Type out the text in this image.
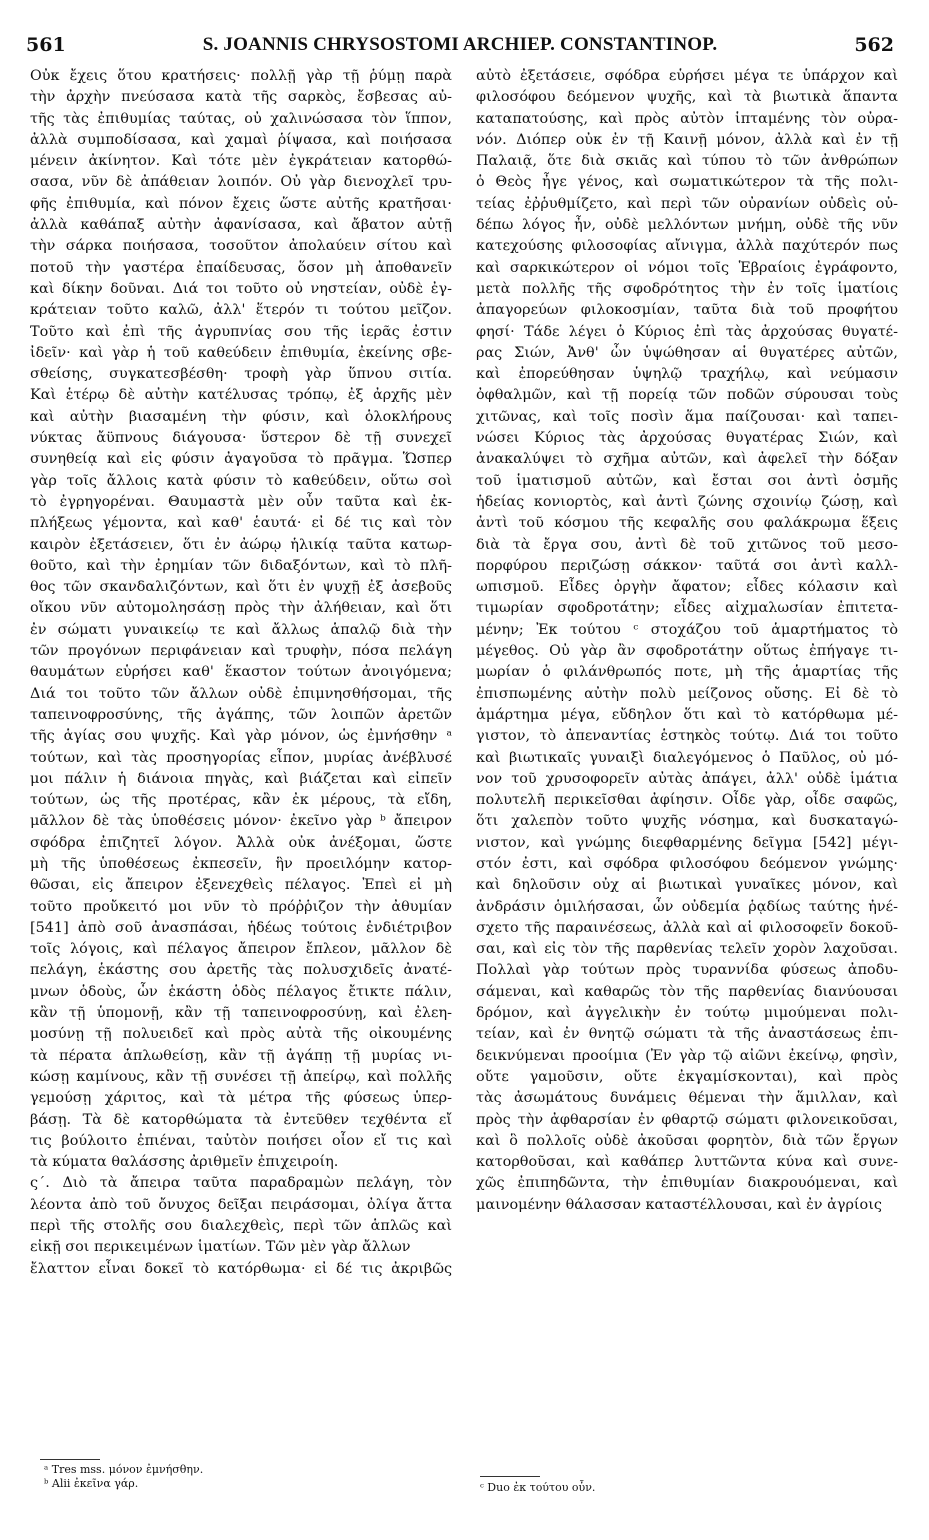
561	S. JOANNIS CHRYSOSTOMI ARCHIEP. CONSTANTINOP.	562
Οὐκ ἔχεις ὅτου κρατήσεις· πολλῇ γὰρ τῇ ῥύμῃ παρὰ
τὴν ἀρχὴν πνεύσασα κατὰ τῆς σαρκὸς, ἔσβεσας αὐ-
τῆς τὰς ἐπιθυμίας ταύτας, οὐ χαλινώσασα τὸν ἵππον,
ἀλλὰ συμποδίσασα, καὶ χαμαὶ ῥίψασα, καὶ ποιήσασα
μένειν ἀκίνητον. Καὶ τότε μὲν ἐγκράτειαν κατορθώ-
σασα, νῦν δὲ ἀπάθειαν λοιπόν. Οὐ γὰρ διενοχλεῖ τρυ-
φῆς ἐπιθυμία, καὶ πόνον ἔχεις ὥστε αὐτῆς κρατῆσαι·
ἀλλὰ καθάπαξ αὐτὴν ἀφανίσασα, καὶ ἄβατον αὐτῇ
τὴν σάρκα ποιήσασα, τοσοῦτον ἀπολαύειν σίτου καὶ
ποτοῦ τὴν γαστέρα ἐπαίδευσας, ὅσον μὴ ἀποθανεῖν
καὶ δίκην δοῦναι. Διά τοι τοῦτο οὐ νηστείαν, οὐδὲ ἐγ-
κράτειαν τοῦτο καλῶ, ἀλλ' ἕτερόν τι τούτου μεῖζον.
Τοῦτο καὶ ἐπὶ τῆς ἀγρυπνίας σου τῆς ἱερᾶς ἐστιν
ἰδεῖν· καὶ γὰρ ἡ τοῦ καθεύδειν ἐπιθυμία, ἐκείνης σβε-
σθείσης, συγκατεσβέσθη· τροφὴ γὰρ ὕπνου σιτία.
Καὶ ἑτέρῳ δὲ αὐτὴν κατέλυσας τρόπῳ, ἐξ ἀρχῆς μὲν
καὶ αὐτὴν βιασαμένη τὴν φύσιν, καὶ ὁλοκλήρους
νύκτας ἄϋπνους διάγουσα· ὕστερον δὲ τῇ συνεχεῖ
συνηθείᾳ καὶ εἰς φύσιν ἀγαγοῦσα τὸ πρᾶγμα. Ὥσπερ
γὰρ τοῖς ἄλλοις κατὰ φύσιν τὸ καθεύδειν, οὕτω σοὶ
τὸ ἐγρηγορέναι. Θαυμαστὰ μὲν οὖν ταῦτα καὶ ἐκ-
πλήξεως γέμοντα, καὶ καθ' ἑαυτά· εἰ δέ τις καὶ τὸν
καιρὸν ἐξετάσειεν, ὅτι ἐν ἀώρῳ ἡλικίᾳ ταῦτα κατωρ-
θοῦτο, καὶ τὴν ἐρημίαν τῶν διδαξόντων, καὶ τὸ πλῆ-
θος τῶν σκανδαλιζόντων, καὶ ὅτι ἐν ψυχῇ ἐξ ἀσεβοῦς
οἴκου νῦν αὐτομολησάσῃ πρὸς τὴν ἀλήθειαν, καὶ ὅτι
ἐν σώματι γυναικείῳ τε καὶ ἄλλως ἁπαλῷ διὰ τὴν
τῶν προγόνων περιφάνειαν καὶ τρυφὴν, πόσα πελάγη
θαυμάτων εὑρήσει καθ' ἕκαστον τούτων ἀνοιγόμενα;
Διά τοι τοῦτο τῶν ἄλλων οὐδὲ ἐπιμνησθήσομαι, τῆς
ταπεινοφροσύνης, τῆς ἀγάπης, τῶν λοιπῶν ἀρετῶν
τῆς ἁγίας σου ψυχῆς. Καὶ γὰρ μόνον, ὡς ἐμνήσθην ᵃ
τούτων, καὶ τὰς προσηγορίας εἶπον, μυρίας ἀνέβλυσέ
μοι πάλιν ἡ διάνοια πηγὰς, καὶ βιάζεται καὶ εἰπεῖν
τούτων, ὡς τῆς προτέρας, κἂν ἐκ μέρους, τὰ εἴδη,
μᾶλλον δὲ τὰς ὑποθέσεις μόνον· ἐκεῖνο γὰρ ᵇ ἄπειρον
σφόδρα ἐπιζητεῖ λόγον. Ἀλλὰ οὐκ ἀνέξομαι, ὥστε
μὴ τῆς ὑποθέσεως ἐκπεσεῖν, ἣν προειλόμην κατορ-
θῶσαι, εἰς ἄπειρον ἐξενεχθεὶς πέλαγος. Ἐπεὶ εἰ μὴ
τοῦτο προὔκειτό μοι νῦν τὸ πρόῤῥιζον τὴν ἀθυμίαν
[541] ἀπὸ σοῦ ἀνασπάσαι, ἡδέως τούτοις ἐνδιέτριβον
τοῖς λόγοις, καὶ πέλαγος ἄπειρον ἔπλεον, μᾶλλον δὲ
πελάγη, ἑκάστης σου ἀρετῆς τὰς πολυσχιδεῖς ἀνατέ-
μνων ὁδοὺς, ὧν ἑκάστη ὁδὸς πέλαγος ἔτικτε πάλιν,
κἂν τῇ ὑπομονῇ, κἂν τῇ ταπεινοφροσύνῃ, καὶ ἐλεη-
μοσύνῃ τῇ πολυειδεῖ καὶ πρὸς αὐτὰ τῆς οἰκουμένης
τὰ πέρατα ἁπλωθείσῃ, κἂν τῇ ἀγάπῃ τῇ μυρίας νι-
κώσῃ καμίνους, κἂν τῇ συνέσει τῇ ἀπείρῳ, καὶ πολλῆς
γεμούσῃ χάριτος, καὶ τὰ μέτρα τῆς φύσεως ὑπερ-
βάσῃ. Τὰ δὲ κατορθώματα τὰ ἐντεῦθεν τεχθέντα εἴ
τις βούλοιτο ἐπιέναι, ταὐτὸν ποιήσει οἷον εἴ τις καὶ
τὰ κύματα θαλάσσης ἀριθμεῖν ἐπιχειροίη.
ς΄. Διὸ τὰ ἄπειρα ταῦτα παραδραμὼν πελάγη, τὸν
λέοντα ἀπὸ τοῦ ὄνυχος δεῖξαι πειράσομαι, ὀλίγα ἄττα
περὶ τῆς στολῆς σου διαλεχθεὶς, περὶ τῶν ἁπλῶς καὶ
εἰκῇ σοι περικειμένων ἱματίων. Τῶν μὲν γὰρ ἄλλων
ἔλαττον εἶναι δοκεῖ τὸ κατόρθωμα· εἰ δέ τις ἀκριβῶς
αὐτὸ ἐξετάσειε, σφόδρα εὑρήσει μέγα τε ὑπάρχον καὶ
φιλοσόφου δεόμενον ψυχῆς, καὶ τὰ βιωτικὰ ἅπαντα
καταπατούσης, καὶ πρὸς αὐτὸν ἱπταμένης τὸν οὐρα-
νόν. Διόπερ οὐκ ἐν τῇ Καινῇ μόνον, ἀλλὰ καὶ ἐν τῇ
Παλαιᾷ, ὅτε διὰ σκιᾶς καὶ τύπου τὸ τῶν ἀνθρώπων
ὁ Θεὸς ἦγε γένος, καὶ σωματικώτερον τὰ τῆς πολι-
τείας ἐῤῥυθμίζετο, καὶ περὶ τῶν οὐρανίων οὐδεὶς οὐ-
δέπω λόγος ἦν, οὐδὲ μελλόντων μνήμη, οὐδὲ τῆς νῦν
κατεχούσης φιλοσοφίας αἴνιγμα, ἀλλὰ παχύτερόν πως
καὶ σαρκικώτερον οἱ νόμοι τοῖς Ἑβραίοις ἐγράφοντο,
μετὰ πολλῆς τῆς σφοδρότητος τὴν ἐν τοῖς ἱματίοις
ἀπαγορεύων φιλοκοσμίαν, ταῦτα διὰ τοῦ προφήτου
φησί· Τάδε λέγει ὁ Κύριος ἐπὶ τὰς ἀρχούσας θυγατέ-
ρας Σιών, Ἀνθ' ὧν ὑψώθησαν αἱ θυγατέρες αὐτῶν,
καὶ ἐπορεύθησαν ὑψηλῷ τραχήλῳ, καὶ νεύμασιν
ὀφθαλμῶν, καὶ τῇ πορείᾳ τῶν ποδῶν σύρουσαι τοὺς
χιτῶνας, καὶ τοῖς ποσὶν ἅμα παίζουσαι· καὶ ταπει-
νώσει Κύριος τὰς ἀρχούσας θυγατέρας Σιών, καὶ
ἀνακαλύψει τὸ σχῆμα αὐτῶν, καὶ ἀφελεῖ τὴν δόξαν
τοῦ ἱματισμοῦ αὐτῶν, καὶ ἔσται σοι ἀντὶ ὀσμῆς
ἡδείας κονιορτὸς, καὶ ἀντὶ ζώνης σχοινίῳ ζώσῃ, καὶ
ἀντὶ τοῦ κόσμου τῆς κεφαλῆς σου φαλάκρωμα ἕξεις
διὰ τὰ ἔργα σου, ἀντὶ δὲ τοῦ χιτῶνος τοῦ μεσο-
πορφύρου περιζώσῃ σάκκον· ταῦτά σοι ἀντὶ καλλ-
ωπισμοῦ. Εἶδες ὀργὴν ἄφατον; εἶδες κόλασιν καὶ
τιμωρίαν σφοδροτάτην; εἶδες αἰχμαλωσίαν ἐπιτετα-
μένην; Ἐκ τούτου ᶜ στοχάζου τοῦ ἁμαρτήματος τὸ
μέγεθος. Οὐ γὰρ ἂν σφοδροτάτην οὕτως ἐπήγαγε τι-
μωρίαν ὁ φιλάνθρωπός ποτε, μὴ τῆς ἁμαρτίας τῆς
ἐπισπωμένης αὐτὴν πολὺ μείζονος οὔσης. Εἰ δὲ τὸ
ἁμάρτημα μέγα, εὔδηλον ὅτι καὶ τὸ κατόρθωμα μέ-
γιστον, τὸ ἀπεναντίας ἑστηκὸς τούτῳ. Διά τοι τοῦτο
καὶ βιωτικαῖς γυναιξὶ διαλεγόμενος ὁ Παῦλος, οὐ μό-
νον τοῦ χρυσοφορεῖν αὐτὰς ἀπάγει, ἀλλ' οὐδὲ ἱμάτια
πολυτελῆ περικεῖσθαι ἀφίησιν. Οἶδε γὰρ, οἶδε σαφῶς,
ὅτι χαλεπὸν τοῦτο ψυχῆς νόσημα, καὶ δυσκαταγώ-
νιστον, καὶ γνώμης διεφθαρμένης δεῖγμα [542] μέγι-
στόν ἐστι, καὶ σφόδρα φιλοσόφου δεόμενον γνώμης·
καὶ δηλοῦσιν οὐχ αἱ βιωτικαὶ γυναῖκες μόνον, καὶ
ἀνδράσιν ὁμιλήσασαι, ὧν οὐδεμία ῥᾳδίως ταύτης ἠνέ-
σχετο τῆς παραινέσεως, ἀλλὰ καὶ αἱ φιλοσοφεῖν δοκοῦ-
σαι, καὶ εἰς τὸν τῆς παρθενίας τελεῖν χορὸν λαχοῦσαι.
Πολλαὶ γὰρ τούτων πρὸς τυραννίδα φύσεως ἀποδυ-
σάμεναι, καὶ καθαρῶς τὸν τῆς παρθενίας διανύουσαι
δρόμον, καὶ ἀγγελικὴν ἐν τούτῳ μιμούμεναι πολι-
τείαν, καὶ ἐν θνητῷ σώματι τὰ τῆς ἀναστάσεως ἐπι-
δεικνύμεναι προοίμια (Ἐν γὰρ τῷ αἰῶνι ἐκείνῳ, φησὶν,
οὔτε γαμοῦσιν, οὔτε ἐκγαμίσκονται), καὶ πρὸς
τὰς ἀσωμάτους δυνάμεις θέμεναι τὴν ἅμιλλαν, καὶ
πρὸς τὴν ἀφθαρσίαν ἐν φθαρτῷ σώματι φιλονεικοῦσαι,
καὶ ὃ πολλοῖς οὐδὲ ἀκοῦσαι φορητὸν, διὰ τῶν ἔργων
κατορθοῦσαι, καὶ καθάπερ λυττῶντα κύνα καὶ συνε-
χῶς ἐπιπηδῶντα, τὴν ἐπιθυμίαν διακρουόμεναι, καὶ
μαινομένην θάλασσαν καταστέλλουσαι, καὶ ἐν ἀγρίοις
ᵃ Tres mss. μόνον ἐμνήσθην.
ᵇ Alii ἐκεῖνα γάρ.	ᶜ Duo ἐκ τούτου οὖν.
